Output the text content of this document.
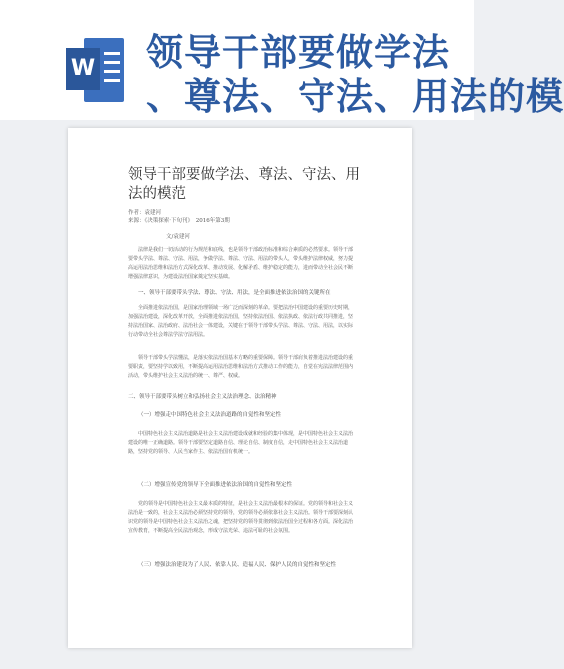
W 领导干部要做学法
、尊法、守法、用法的模
领导干部要做学法、尊法、守法、用法的模范
作者：袁建河
来源：《决策探索·下旬刊》　2016年第3期
文/袁建河
法律是我们一切活动的行为规范和底线，也是领导干部政治标准和综合素质的必然要求。领导干部要带头学法、尊法、守法、用法，争做学法、尊法、守法、用法的带头人，带头维护法律权威，努力提高运用法治思维和法治方式深化改革、推动发展、化解矛盾、维护稳定的能力，进而带动全社会民不断增强法律意识，为建设法治国家奠定坚实基础。
一、领导干部要带头学法、尊法、守法、用法，是全面推进依法治国的关键所在
全面推进依法治国，是国家治理领域一场广泛而深刻的革命。要把法治中国建设的重要历史时期，加强法治建设，深化改革开放，全面推进依法治国，坚持依法治国、依法执政、依法行政共同推进，坚持法治国家、法治政府、法治社会一体建设，关键在于领导干部带头学法、尊法、守法、用法，以实际行动带动全社会尊法学法守法用法。
领导干部带头学法懂法，是落实依法治国基本方略的重要保障。领导干部肩负着推进法治建设的重要职责，要坚持学以致用，不断提高运用法治思维和法治方式推动工作的能力，自觉在宪法法律范围内活动，带头维护社会主义法治的统一、尊严、权威。
二、领导干部要带头树立和弘扬社会主义法治理念、法治精神
（一）增强走中国特色社会主义法治道路的自觉性和坚定性
中国特色社会主义法治道路是社会主义法治建设成就和经验的集中体现，是中国特色社会主义法治建设的唯一正确道路。领导干部要坚定道路自信、理论自信、制度自信，走中国特色社会主义法治道路，坚持党的领导、人民当家作主、依法治国有机统一。
（二）增强宣传党的领导下全面推进依法治国的自觉性和坚定性
党的领导是中国特色社会主义最本质的特征，是社会主义法治最根本的保证。党的领导和社会主义法治是一致的，社会主义法治必须坚持党的领导，党的领导必须依靠社会主义法治。领导干部要深刻认识党的领导是中国特色社会主义法治之魂，把坚持党的领导贯彻到依法治国全过程和各方面。深化法治宣传教育，不断提高全民法治观念，形成守法光荣、违法可耻的社会氛围。
（三）增强法治建设为了人民、依靠人民、造福人民、保护人民的自觉性和坚定性
